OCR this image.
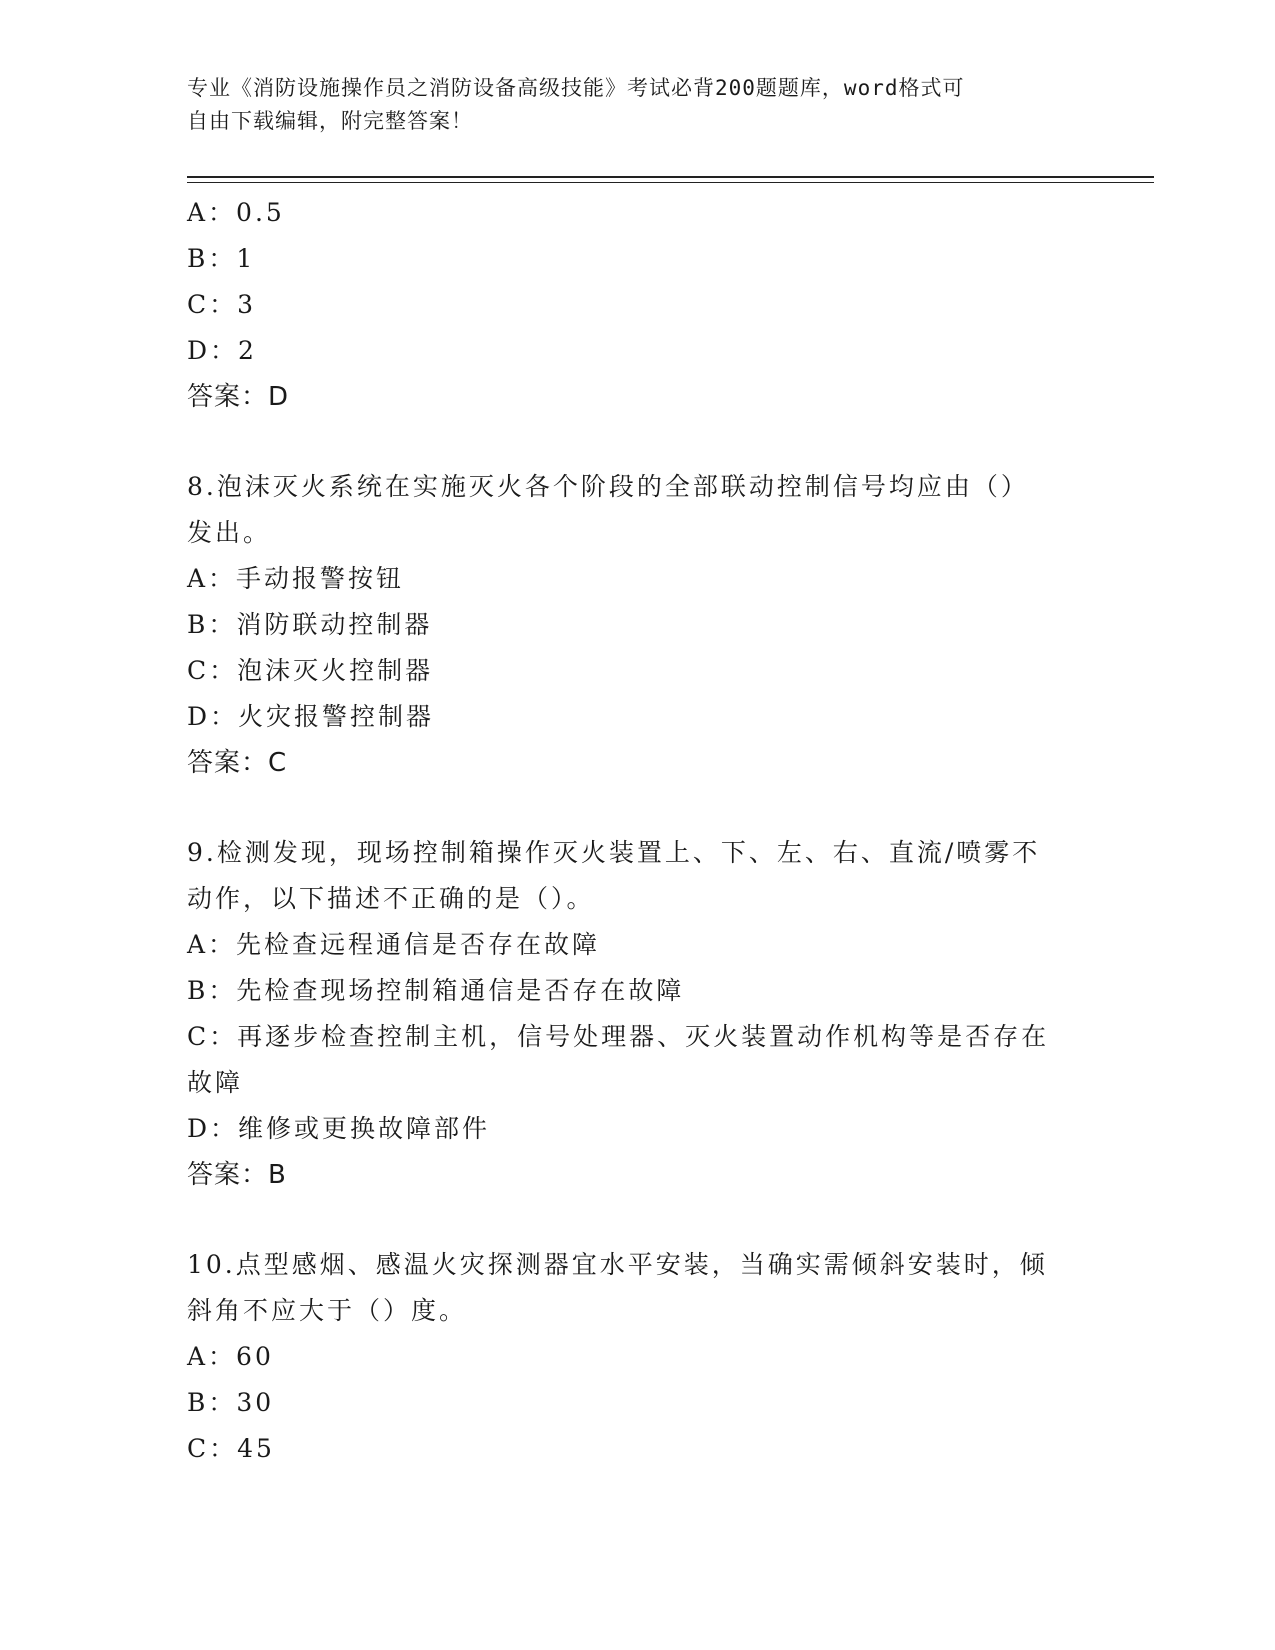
专业《消防设施操作员之消防设备高级技能》考试必背200题题库，word格式可
自由下载编辑，附完整答案！
A：0.5
B：1
C：3
D：2
答案：D
8.泡沫灭火系统在实施灭火各个阶段的全部联动控制信号均应由（）
发出。
A：手动报警按钮
B：消防联动控制器
C：泡沫灭火控制器
D：火灾报警控制器
答案：C
9.检测发现，现场控制箱操作灭火装置上、下、左、右、直流/喷雾不
动作，以下描述不正确的是（）。
A：先检查远程通信是否存在故障
B：先检查现场控制箱通信是否存在故障
C：再逐步检查控制主机，信号处理器、灭火装置动作机构等是否存在
故障
D：维修或更换故障部件
答案：B
10.点型感烟、感温火灾探测器宜水平安装，当确实需倾斜安装时，倾
斜角不应大于（）度。
A：60
B：30
C：45
